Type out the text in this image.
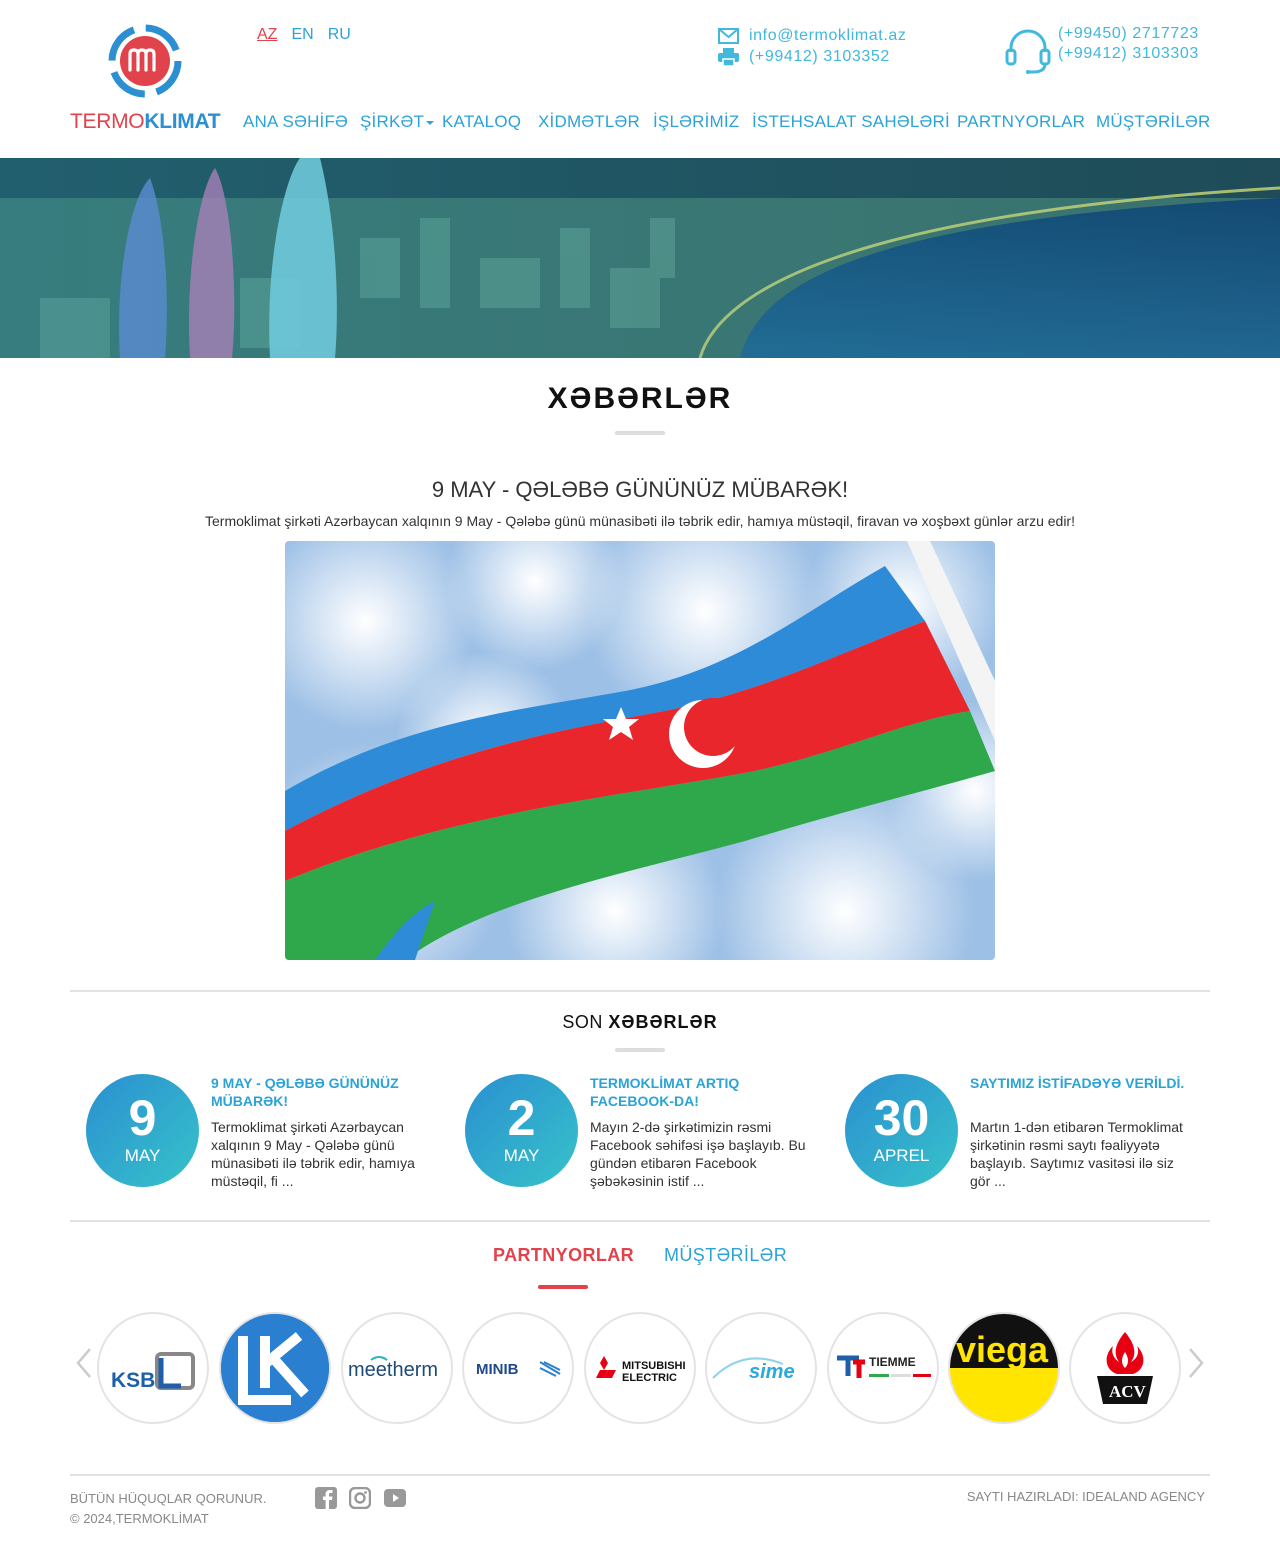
TERMOKLIMAT
AZ EN RU	info@termoklimat.az
(+99412) 3103352
(+99450) 2717723
(+99412) 3103303
ANA SƏHİFƏ ŞİRKƏT	KATALOQ XİDMƏTLƏR İŞLƏRİMİZ İSTEHSALAT SAHƏLƏRİ PARTNYORLAR MÜŞTƏRİLƏR
XƏBƏRLƏR
9 MAY - QƏLƏBƏ GÜNÜNÜZ MÜBARƏK!
Termoklimat şirkəti Azərbaycan xalqının 9 May - Qələbə günü münasibəti ilə təbrik edir, hamıya müstəqil, firavan və xoşbəxt günlər arzu edir!
SON XƏBƏRLƏR
9
MAY
9 MAY - QƏLƏBƏ GÜNÜNÜZ MÜBARƏK!
Termoklimat şirkəti Azərbaycan xalqının 9 May - Qələbə günü münasibəti ilə təbrik edir, hamıya müstəqil, fi ...
2
MAY
TERMOKLİMAT ARTIQ FACEBOOK-DA!
Mayın 2-də şirkətimizin rəsmi Facebook səhifəsi işə başlayıb. Bu gündən etibarən Facebook şəbəkəsinin istif ...
30
APREL
SAYTIMIZ İSTİFADƏYƏ VERİLDİ.
Martın 1-dən etibarən Termoklimat şirkətinin rəsmi saytı fəaliyyətə başlayıb. Saytımız vasitəsi ilə siz gör ...
PARTNYORLAR MÜŞTƏRİLƏR
KSB	meetherm	MINIB	MITSUBISHI
ELECTRIC	sime	TIEMME viega
ACV
BÜTÜN HÜQUQLAR QORUNUR.
© 2024,TERMOKLİMAT
SAYTI HAZIRLADI: IDEALAND AGENCY
